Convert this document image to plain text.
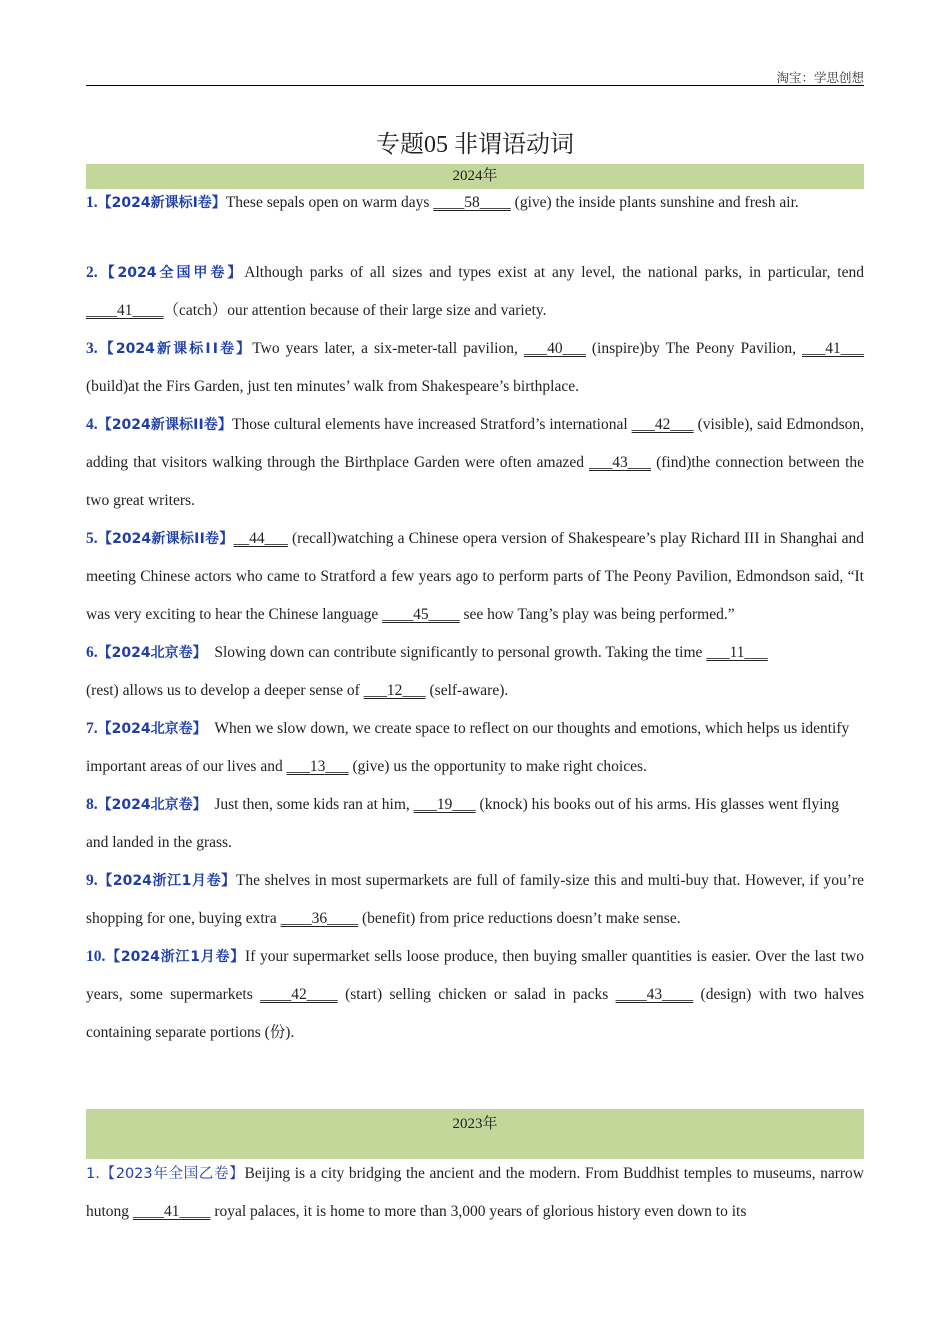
淘宝：学思创想
专题05 非谓语动词
2024年

1.【2024新课标Ⅰ卷】These sepals open on warm days ____58____ (give) the inside plants sunshine and fresh air.

2.【2024全国甲卷】Although parks of all sizes and types exist at any level, the national parks, in particular, tend ____41____（catch）our attention because of their large size and variety.

3.【2024新课标ⅠⅠ卷】Two years later, a six-meter-tall pavilion, ___40___ (inspire)by The Peony Pavilion, ___41___ (build)at the Firs Garden, just ten minutes’ walk from Shakespeare’s birthplace.

4.【2024新课标ⅠⅠ卷】Those cultural elements have increased Stratford’s international ___42___ (visible), said Edmondson, adding that visitors walking through the Birthplace Garden were often amazed ___43___ (find)the connection between the two great writers.

5.【2024新课标ⅠⅠ卷】__44___ (recall)watching a Chinese opera version of Shakespeare’s play Richard III in Shanghai and meeting Chinese actors who came to Stratford a few years ago to perform parts of The Peony Pavilion, Edmondson said, “It was very exciting to hear the Chinese language ____45____ see how Tang’s play was being performed.”

6.【2024北京卷】  Slowing down can contribute significantly to personal growth. Taking the time ___11___
(rest) allows us to develop a deeper sense of ___12___ (self-aware).

7.【2024北京卷】  When we slow down, we create space to reflect on our thoughts and emotions, which helps us identify important areas of our lives and ___13___ (give) us the opportunity to make right choices.

8.【2024北京卷】  Just then, some kids ran at him, ___19___ (knock) his books out of his arms. His glasses went flying and landed in the grass.

9.【2024浙江1月卷】The shelves in most supermarkets are full of family-size this and multi-buy that. However, if you’re shopping for one, buying extra ____36____ (benefit) from price reductions doesn’t make sense.

10.【2024浙江1月卷】If your supermarket sells loose produce, then buying smaller quantities is easier. Over the last two years, some supermarkets ____42____ (start) selling chicken or salad in packs ____43____ (design) with two halves containing separate portions (份).

2023年

1.【2023年全国乙卷】Beijing is a city bridging the ancient and the modern. From Buddhist temples to museums, narrow hutong ____41____ royal palaces, it is home to more than 3,000 years of glorious history even down to its
